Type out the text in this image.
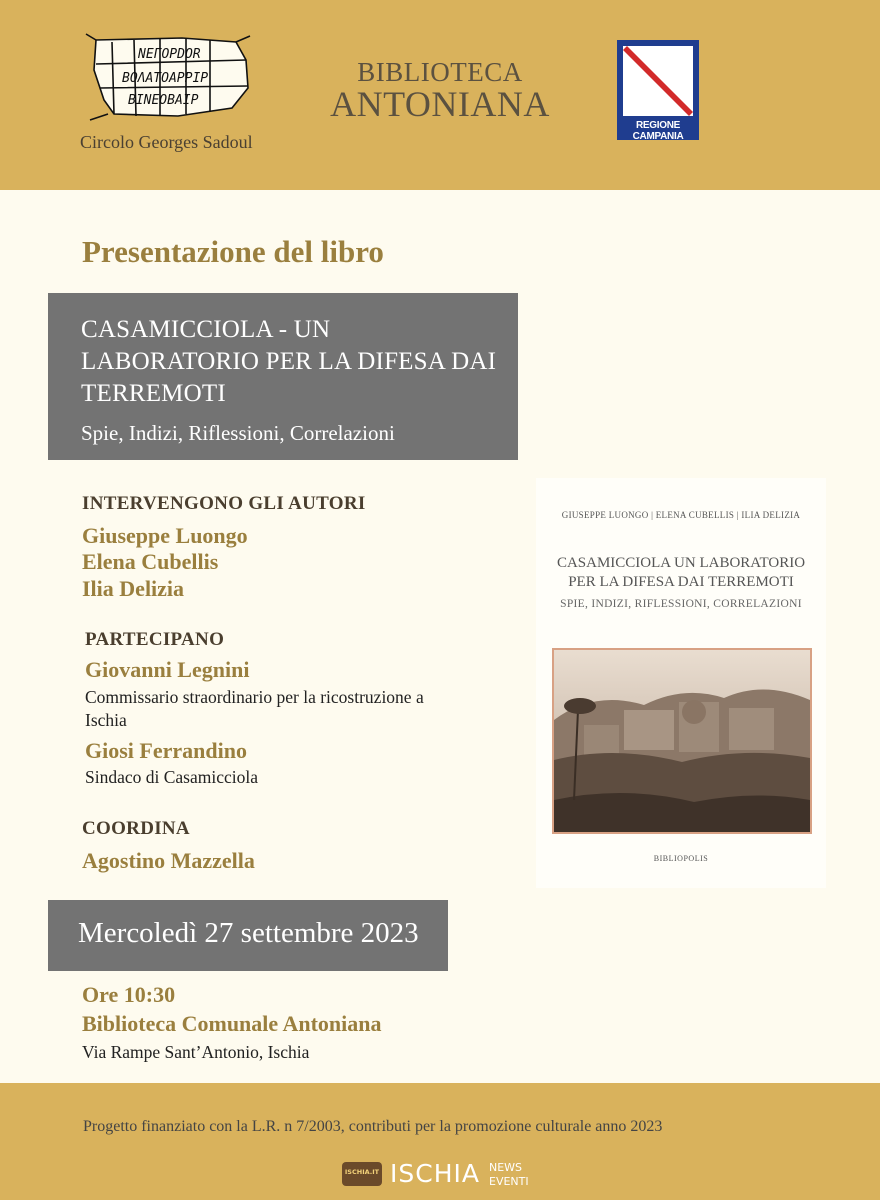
NEΓOPDOR
BOΛATOAPPIP
BINEOBAIP
Circolo Georges Sadoul
BIBLIOTECA
ANTONIANA
REGIONE CAMPANIA
Presentazione del libro
CASAMICCIOLA - UN LABORATORIO PER LA DIFESA DAI TERREMOTI
Spie, Indizi, Riflessioni, Correlazioni
INTERVENGONO GLI AUTORI
Giuseppe Luongo
Elena Cubellis
Ilia Delizia
PARTECIPANO
Giovanni Legnini
Commissario straordinario per la ricostruzione a Ischia
Giosi Ferrandino
Sindaco di Casamicciola
COORDINA
Agostino Mazzella
Mercoledì 27 settembre 2023
Ore 10:30
Biblioteca Comunale Antoniana
Via Rampe Sant’Antonio, Ischia
GIUSEPPE LUONGO | ELENA CUBELLIS | ILIA DELIZIA
CASAMICCIOLA UN LABORATORIO
PER LA DIFESA DAI TERREMOTI
SPIE, INDIZI, RIFLESSIONI, CORRELAZIONI
BIBLIOPOLIS
Progetto finanziato con la L.R. n 7/2003, contributi per la promozione culturale anno 2023
ISCHIA.IT ISCHIA NEWS
EVENTI
